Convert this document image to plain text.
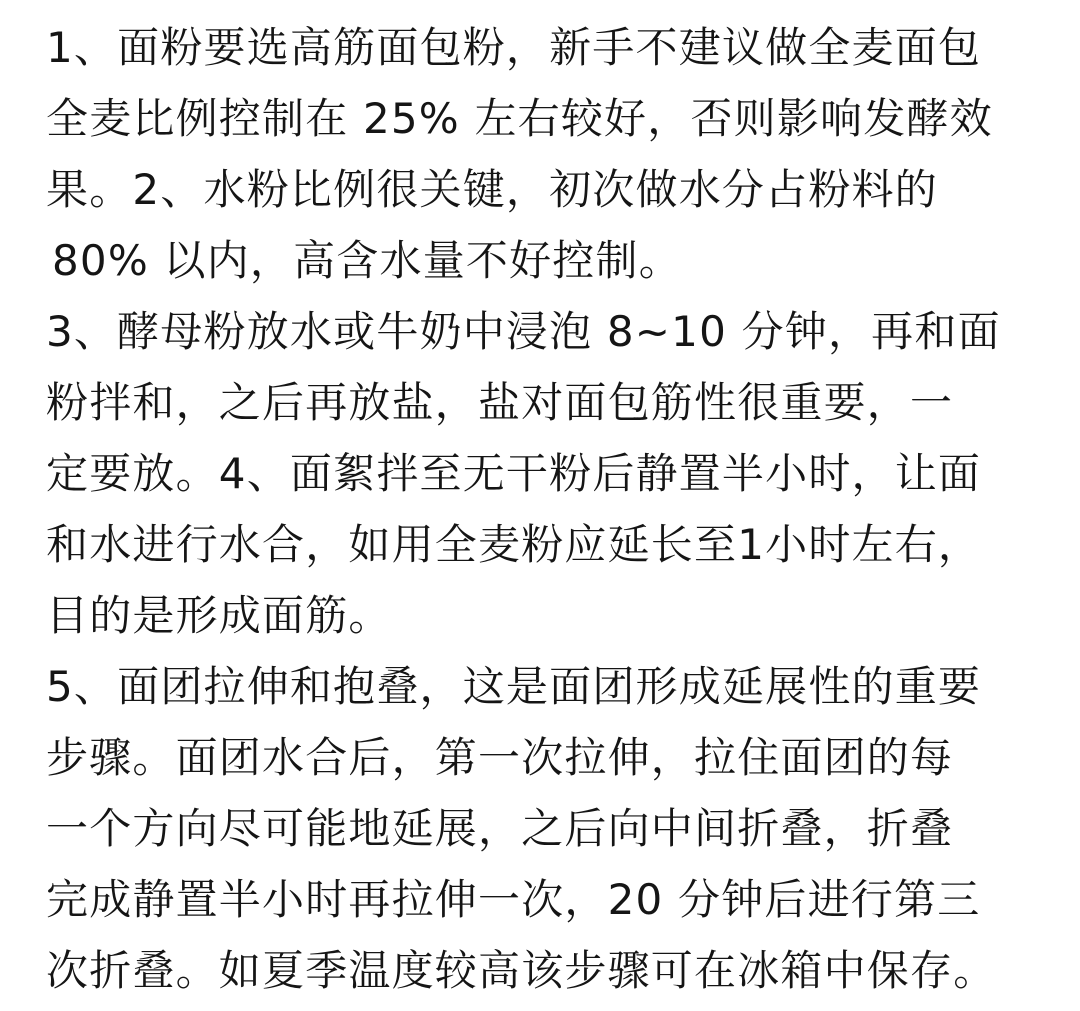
1、面粉要选高筋面包粉，新手不建议做全麦面包
全麦比例控制在 25% 左右较好，否则影响发酵效
果。2、水粉比例很关键，初次做水分占粉料的
80% 以内，高含水量不好控制。
3、酵母粉放水或牛奶中浸泡 8~10 分钟，再和面
粉拌和，之后再放盐，盐对面包筋性很重要，一
定要放。4、面絮拌至无干粉后静置半小时，让面
和水进行水合，如用全麦粉应延长至1小时左右，
目的是形成面筋。
5、面团拉伸和抱叠，这是面团形成延展性的重要
步骤。面团水合后，第一次拉伸，拉住面团的每
一个方向尽可能地延展，之后向中间折叠，折叠
完成静置半小时再拉伸一次，20 分钟后进行第三
次折叠。如夏季温度较高该步骤可在冰箱中保存。
